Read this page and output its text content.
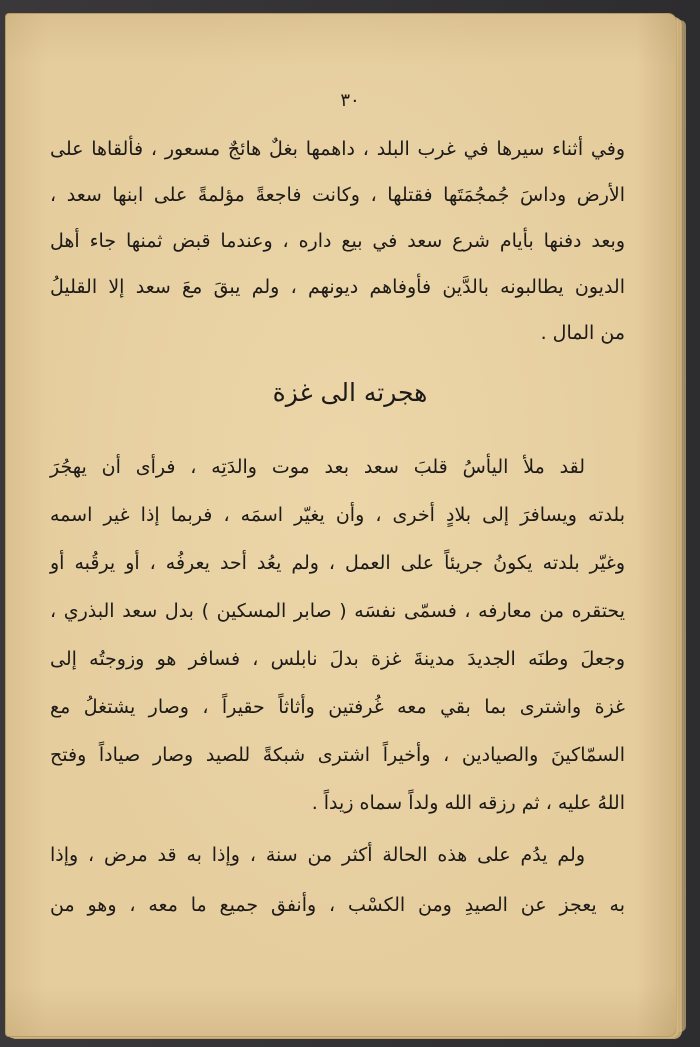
٣٠
وفي أثناء سيرها في غرب البلد ، داهمها بغلٌ هائجٌ مسعور ، فألقاها على
الأرض وداسَ جُمجُمَتَها فقتلها ، وكانت فاجعةً مؤلمةً على ابنها سعد ،
وبعد دفنها بأيام شرع سعد في بيع داره ، وعندما قبض ثمنها جاء أهل
الديون يطالبونه بالدَّين فأوفاهم ديونهم ، ولم يبقَ معَ سعد إلا القليلُ
من المال .
هجرته الى غزة
لقد ملأ اليأسُ قلبَ سعد بعد موت والدَتِه ، فرأى أن يهجُرَ
بلدته ويسافرَ إلى بلادٍ أخرى ، وأن يغيّر اسمَه ، فربما إذا غير اسمه
وغيّر بلدته يكونُ جريئاً على العمل ، ولم يعُد أحد يعرفُه ، أو يرقُبه أو
يحتقره من معارفه ، فسمّى نفسَه ( صابر المسكين ) بدل سعد البذري ،
وجعلَ وطنَه الجديدَ مدينةَ غزة بدلَ نابلس ، فسافر هو وزوجتُه إلى
غزة واشترى بما بقي معه غُرفتين وأثاثاً حقيراً ، وصار يشتغلُ مع
السمّاكينَ والصيادين ، وأخيراً اشترى شبكةً للصيد وصار صياداً وفتح
اللهُ عليه ، ثم رزقه الله ولداً سماه زيداً .
ولم يدُم على هذه الحالة أكثر من سنة ، وإذا به قد مرض ، وإذا
به يعجز عن الصيدِ ومن الكسْب ، وأنفق جميع ما معه ، وهو من
